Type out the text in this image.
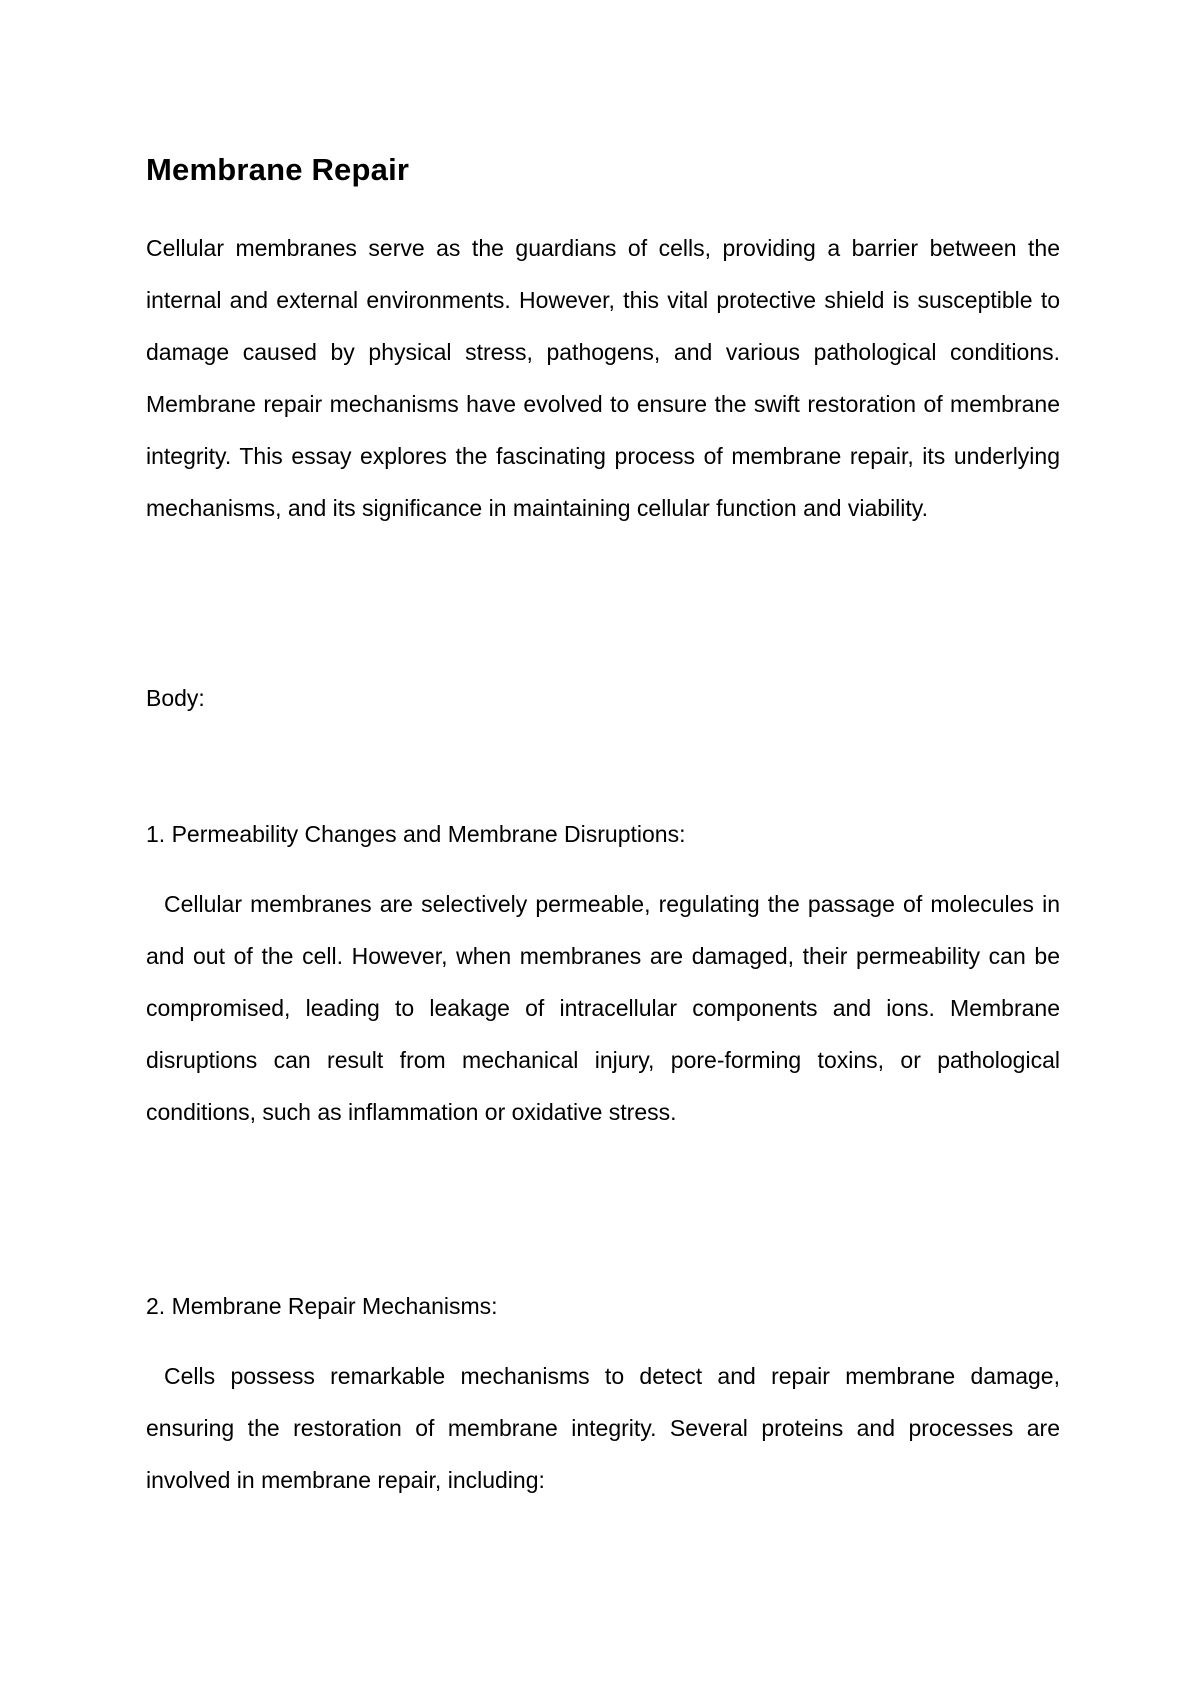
Membrane Repair

Cellular membranes serve as the guardians of cells, providing a barrier between the internal and external environments. However, this vital protective shield is susceptible to damage caused by physical stress, pathogens, and various pathological conditions. Membrane repair mechanisms have evolved to ensure the swift restoration of membrane integrity. This essay explores the fascinating process of membrane repair, its underlying mechanisms, and its significance in maintaining cellular function and viability.

Body:

1. Permeability Changes and Membrane Disruptions:

Cellular membranes are selectively permeable, regulating the passage of molecules in and out of the cell. However, when membranes are damaged, their permeability can be compromised, leading to leakage of intracellular components and ions. Membrane disruptions can result from mechanical injury, pore-forming toxins, or pathological conditions, such as inflammation or oxidative stress.

2. Membrane Repair Mechanisms:

Cells possess remarkable mechanisms to detect and repair membrane damage, ensuring the restoration of membrane integrity. Several proteins and processes are involved in membrane repair, including:
